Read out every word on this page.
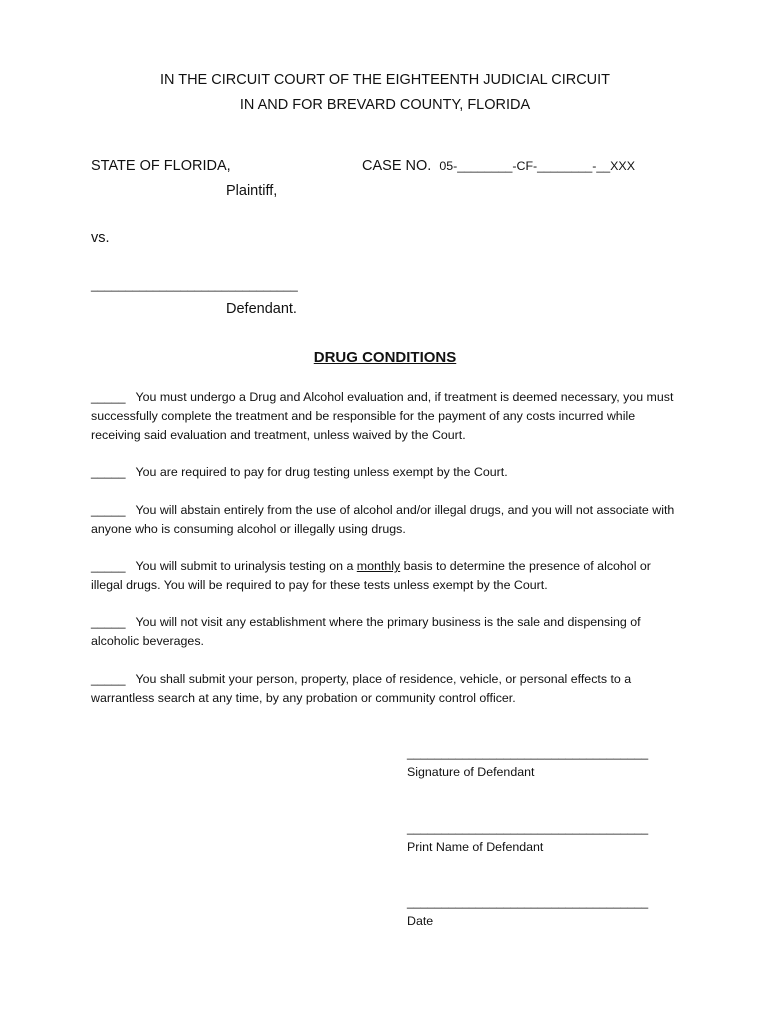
IN THE CIRCUIT COURT OF THE EIGHTEENTH JUDICIAL CIRCUIT
IN AND FOR BREVARD COUNTY, FLORIDA
STATE OF FLORIDA,	CASE NO. 05-________-CF-________-__XXX
Plaintiff,
vs.
______________________________
Defendant.
DRUG CONDITIONS
_____ You must undergo a Drug and Alcohol evaluation and, if treatment is deemed necessary, you must successfully complete the treatment and be responsible for the payment of any costs incurred while receiving said evaluation and treatment, unless waived by the Court.
_____ You are required to pay for drug testing unless exempt by the Court.
_____ You will abstain entirely from the use of alcohol and/or illegal drugs, and you will not associate with anyone who is consuming alcohol or illegally using drugs.
_____ You will submit to urinalysis testing on a monthly basis to determine the presence of alcohol or illegal drugs. You will be required to pay for these tests unless exempt by the Court.
_____ You will not visit any establishment where the primary business is the sale and dispensing of alcoholic beverages.
_____ You shall submit your person, property, place of residence, vehicle, or personal effects to a warrantless search at any time, by any probation or community control officer.
___________________________________
Signature of Defendant
___________________________________
Print Name of Defendant
___________________________________
Date
